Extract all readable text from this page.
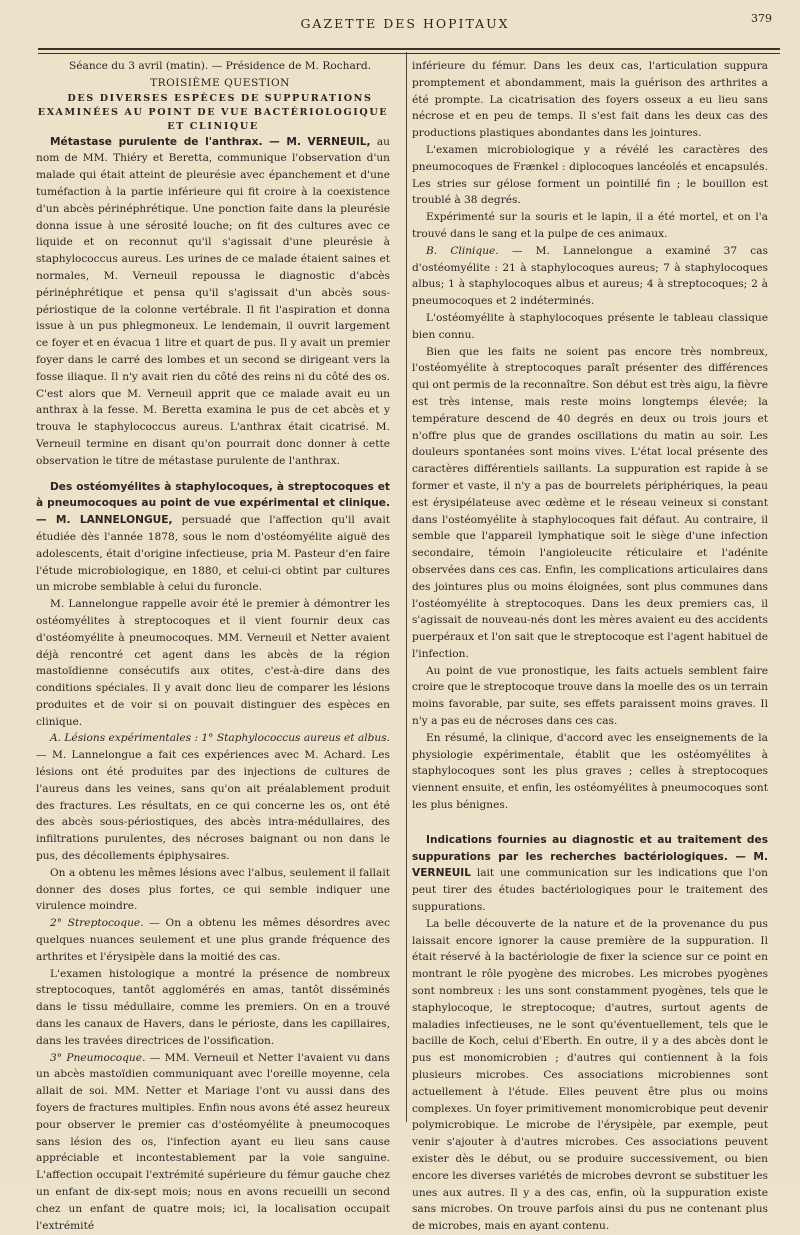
GAZETTE DES HOPITAUX	379

Séance du 3 avril (matin). — Présidence de M. Rochard.

TROISIÈME QUESTION

DES DIVERSES ESPÈCES DE SUPPURATIONS EXAMINÉES AU POINT DE VUE BACTÉRIOLOGIQUE ET CLINIQUE

Métastase purulente de l'anthrax. — M. VERNEUIL, au nom de MM. Thiéry et Beretta, communique l'observation d'un malade qui était atteint de pleurésie avec épanchement et d'une tuméfaction à la partie inférieure qui fit croire à la coexistence d'un abcès périnéphrétique. Une ponction faite dans la pleurésie donna issue à une sérosité louche; on fit des cultures avec ce liquide et on reconnut qu'il s'agissait d'une pleurésie à staphylococcus aureus. Les urines de ce malade étaient saines et normales, M. Verneuil repoussa le diagnostic d'abcès périnéphrétique et pensa qu'il s'agissait d'un abcès sous-périostique de la colonne vertébrale. Il fit l'aspiration et donna issue à un pus phlegmoneux. Le lendemain, il ouvrit largement ce foyer et en évacua 1 litre et quart de pus. Il y avait un premier foyer dans le carré des lombes et un second se dirigeant vers la fosse iliaque. Il n'y avait rien du côté des reins ni du côté des os. C'est alors que M. Verneuil apprit que ce malade avait eu un anthrax à la fesse. M. Beretta examina le pus de cet abcès et y trouva le staphylococcus aureus. L'anthrax était cicatrisé. M. Verneuil termine en disant qu'on pourrait donc donner à cette observation le titre de métastase purulente de l'anthrax.

Des ostéomyélites à staphylocoques, à streptocoques et à pneumocoques au point de vue expérimental et clinique. — M. LANNELONGUE, persuadé que l'affection qu'il avait étudiée dès l'année 1878, sous le nom d'ostéomyélite aiguë des adolescents, était d'origine infectieuse, pria M. Pasteur d'en faire l'étude microbiologique, en 1880, et celui-ci obtint par cultures un microbe semblable à celui du furoncle.

M. Lannelongue rappelle avoir été le premier à démontrer les ostéomyélites à streptocoques et il vient fournir deux cas d'ostéomyélite à pneumocoques. MM. Verneuil et Netter avaient déjà rencontré cet agent dans les abcès de la région mastoïdienne consécutifs aux otites, c'est-à-dire dans des conditions spéciales. Il y avait donc lieu de comparer les lésions produites et de voir si on pouvait distinguer des espèces en clinique.

A. Lésions expérimentales : 1° Staphylococcus aureus et albus. — M. Lannelongue a fait ces expériences avec M. Achard. Les lésions ont été produites par des injections de cultures de l'aureus dans les veines, sans qu'on ait préalablement produit des fractures. Les résultats, en ce qui concerne les os, ont été des abcès sous-périostiques, des abcès intra-médullaires, des infiltrations purulentes, des nécroses baignant ou non dans le pus, des décollements épiphysaires.

On a obtenu les mêmes lésions avec l'albus, seulement il fallait donner des doses plus fortes, ce qui semble indiquer une virulence moindre.

2° Streptocoque. — On a obtenu les mêmes désordres avec quelques nuances seulement et une plus grande fréquence des arthrites et l'érysipèle dans la moitié des cas.

L'examen histologique a montré la présence de nombreux streptocoques, tantôt agglomérés en amas, tantôt disséminés dans le tissu médullaire, comme les premiers. On en a trouvé dans les canaux de Havers, dans le périoste, dans les capillaires, dans les travées directrices de l'ossification.

3° Pneumocoque. — MM. Verneuil et Netter l'avaient vu dans un abcès mastoïdien communiquant avec l'oreille moyenne, cela allait de soi. MM. Netter et Mariage l'ont vu aussi dans des foyers de fractures multiples. Enfin nous avons été assez heureux pour observer le premier cas d'ostéomyélite à pneumocoques sans lésion des os, l'infection ayant eu lieu sans cause appréciable et incontestablement par la voie sanguine. L'affection occupait l'extrémité supérieure du fémur gauche chez un enfant de dix-sept mois; nous en avons recueilli un second chez un enfant de quatre mois; ici, la localisation occupait l'extrémité

inférieure du fémur. Dans les deux cas, l'articulation suppura promptement et abondamment, mais la guérison des arthrites a été prompte. La cicatrisation des foyers osseux a eu lieu sans nécrose et en peu de temps. Il s'est fait dans les deux cas des productions plastiques abondantes dans les jointures.

L'examen microbiologique y a révélé les caractères des pneumocoques de Frænkel : diplocoques lancéolés et encapsulés. Les stries sur gélose forment un pointillé fin ; le bouillon est troublé à 38 degrés.

Expérimenté sur la souris et le lapin, il a été mortel, et on l'a trouvé dans le sang et la pulpe de ces animaux.

B. Clinique. — M. Lannelongue a examiné 37 cas d'ostéomyélite : 21 à staphylocoques aureus; 7 à staphylocoques albus; 1 à staphylocoques albus et aureus; 4 à streptocoques; 2 à pneumocoques et 2 indéterminés.

L'ostéomyélite à staphylocoques présente le tableau classique bien connu.

Bien que les faits ne soient pas encore très nombreux, l'ostéomyélite à streptocoques paraît présenter des différences qui ont permis de la reconnaître. Son début est très aigu, la fièvre est très intense, mais reste moins longtemps élevée; la température descend de 40 degrés en deux ou trois jours et n'offre plus que de grandes oscillations du matin au soir. Les douleurs spontanées sont moins vives. L'état local présente des caractères différentiels saillants. La suppuration est rapide à se former et vaste, il n'y a pas de bourrelets périphériques, la peau est érysipélateuse avec œdème et le réseau veineux si constant dans l'ostéomyélite à staphylocoques fait défaut. Au contraire, il semble que l'appareil lymphatique soit le siège d'une infection secondaire, témoin l'angioleucite réticulaire et l'adénite observées dans ces cas. Enfin, les complications articulaires dans des jointures plus ou moins éloignées, sont plus communes dans l'ostéomyélite à streptocoques. Dans les deux premiers cas, il s'agissait de nouveau-nés dont les mères avaient eu des accidents puerpéraux et l'on sait que le streptocoque est l'agent habituel de l'infection.

Au point de vue pronostique, les faits actuels semblent faire croire que le streptocoque trouve dans la moelle des os un terrain moins favorable, par suite, ses effets paraissent moins graves. Il n'y a pas eu de nécroses dans ces cas.

En résumé, la clinique, d'accord avec les enseignements de la physiologie expérimentale, établit que les ostéomyélites à staphylocoques sont les plus graves ; celles à streptocoques viennent ensuite, et enfin, les ostéomyélites à pneumocoques sont les plus bénignes.

Indications fournies au diagnostic et au traitement des suppurations par les recherches bactériologiques. — M. VERNEUIL lait une communication sur les indications que l'on peut tirer des études bactériologiques pour le traitement des suppurations.

La belle découverte de la nature et de la provenance du pus laissait encore ignorer la cause première de la suppuration. Il était réservé à la bactériologie de fixer la science sur ce point en montrant le rôle pyogène des microbes. Les microbes pyogènes sont nombreux : les uns sont constamment pyogènes, tels que le staphylocoque, le streptocoque; d'autres, surtout agents de maladies infectieuses, ne le sont qu'éventuellement, tels que le bacille de Koch, celui d'Eberth. En outre, il y a des abcès dont le pus est monomicrobien ; d'autres qui contiennent à la fois plusieurs microbes. Ces associations microbiennes sont actuellement à l'étude. Elles peuvent être plus ou moins complexes. Un foyer primitivement monomicrobique peut devenir polymicrobique. Le microbe de l'érysipèle, par exemple, peut venir s'ajouter à d'autres microbes. Ces associations peuvent exister dès le début, ou se produire successivement, ou bien encore les diverses variétés de microbes devront se substituer les unes aux autres. Il y a des cas, enfin, où la suppuration existe sans microbes. On trouve parfois ainsi du pus ne contenant plus de microbes, mais en ayant contenu.
